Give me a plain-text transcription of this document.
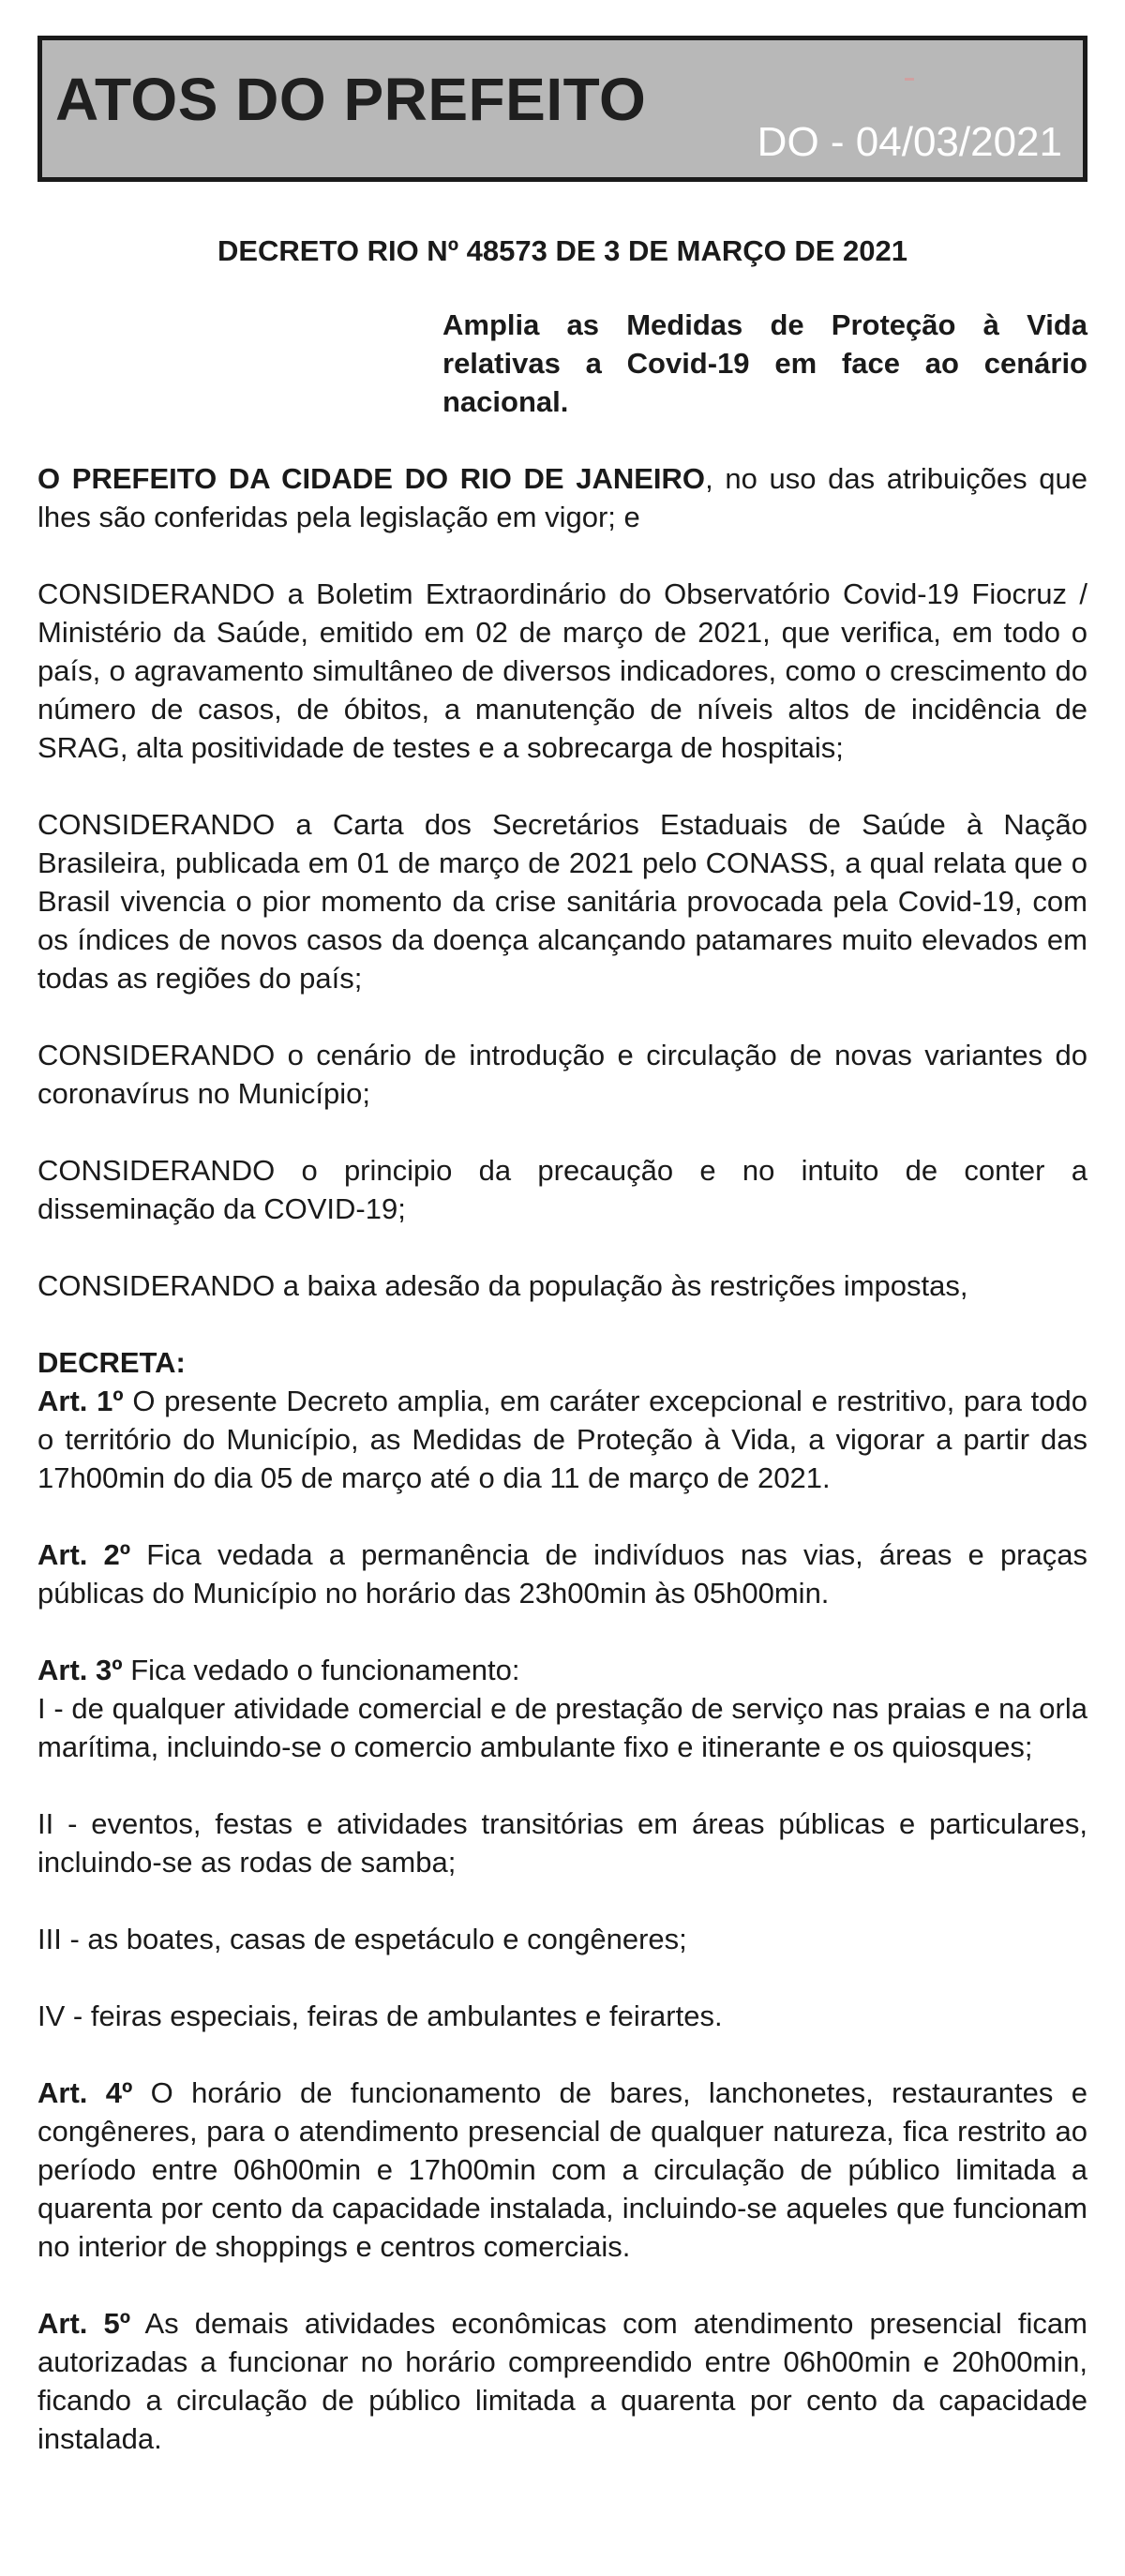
ATOS DO PREFEITO
DO - 04/03/2021
DECRETO RIO Nº 48573 DE 3 DE MARÇO DE 2021
Amplia as Medidas de Proteção à Vida relativas a Covid-19 em face ao cenário nacional.

O PREFEITO DA CIDADE DO RIO DE JANEIRO, no uso das atribuições que lhes são conferidas pela legislação em vigor; e

CONSIDERANDO a Boletim Extraordinário do Observatório Covid-19 Fiocruz / Ministério da Saúde, emitido em 02 de março de 2021, que verifica, em todo o país, o agravamento simultâneo de diversos indicadores, como o crescimento do número de casos, de óbitos, a manutenção de níveis altos de incidência de SRAG, alta positividade de testes e a sobrecarga de hospitais;

CONSIDERANDO a Carta dos Secretários Estaduais de Saúde à Nação Brasileira, publicada em 01 de março de 2021 pelo CONASS, a qual relata que o Brasil vivencia o pior momento da crise sanitária provocada pela Covid-19, com os índices de novos casos da doença alcançando patamares muito elevados em todas as regiões do país;

CONSIDERANDO o cenário de introdução e circulação de novas variantes do coronavírus no Município;

CONSIDERANDO o principio da precaução e no intuito de conter a disseminação da COVID-19;

CONSIDERANDO a baixa adesão da população às restrições impostas,

DECRETA:

Art. 1º O presente Decreto amplia, em caráter excepcional e restritivo, para todo o território do Município, as Medidas de Proteção à Vida, a vigorar a partir das 17h00min do dia 05 de março até o dia 11 de março de 2021.

Art. 2º Fica vedada a permanência de indivíduos nas vias, áreas e praças públicas do Município no horário das 23h00min às 05h00min.

Art. 3º Fica vedado o funcionamento:

I - de qualquer atividade comercial e de prestação de serviço nas praias e na orla marítima, incluindo-se o comercio ambulante fixo e itinerante e os quiosques;

II - eventos, festas e atividades transitórias em áreas públicas e particulares, incluindo-se as rodas de samba;

III - as boates, casas de espetáculo e congêneres;

IV - feiras especiais, feiras de ambulantes e feirartes.

Art. 4º O horário de funcionamento de bares, lanchonetes, restaurantes e congêneres, para o atendimento presencial de qualquer natureza, fica restrito ao período entre 06h00min e 17h00min com a circulação de público limitada a quarenta por cento da capacidade instalada, incluindo-se aqueles que funcionam no interior de shoppings e centros comerciais.

Art. 5º As demais atividades econômicas com atendimento presencial ficam autorizadas a funcionar no horário compreendido entre 06h00min e 20h00min, ficando a circulação de público limitada a quarenta por cento da capacidade instalada.
